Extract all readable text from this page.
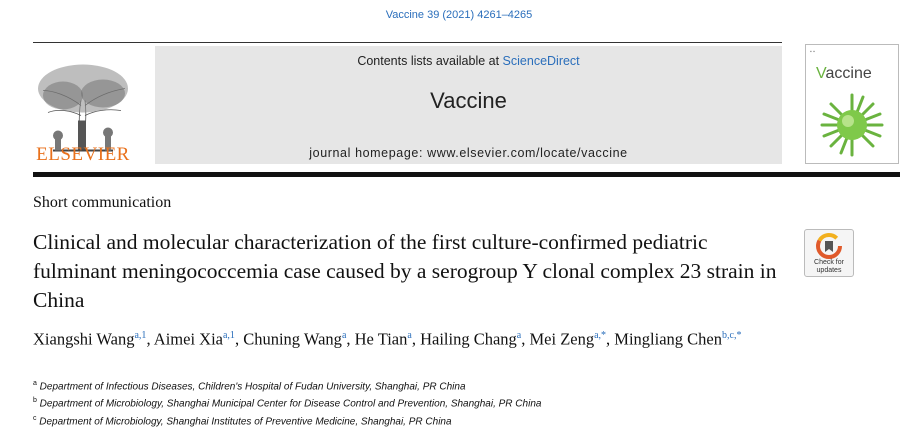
Vaccine 39 (2021) 4261–4265
ELSEVIER
Contents lists available at ScienceDirect
Vaccine
journal homepage: www.elsevier.com/locate/vaccine
▪ ▪
Vaccine
Short communication
Clinical and molecular characterization of the first culture-confirmed pediatric fulminant meningococcemia case caused by a serogroup Y clonal complex 23 strain in China
Check for updates
Xiangshi Wang$^{a,1}$, Aimei Xia$^{a,1}$, Chuning Wang$^a$, He Tian$^a$, Hailing Chang$^a$, Mei Zeng$^{a,*}$, Mingliang Chen$^{b,c,*}$
$^a$ Department of Infectious Diseases, Children's Hospital of Fudan University, Shanghai, PR China
$^b$ Department of Microbiology, Shanghai Municipal Center for Disease Control and Prevention, Shanghai, PR China
$^c$ Department of Microbiology, Shanghai Institutes of Preventive Medicine, Shanghai, PR China
